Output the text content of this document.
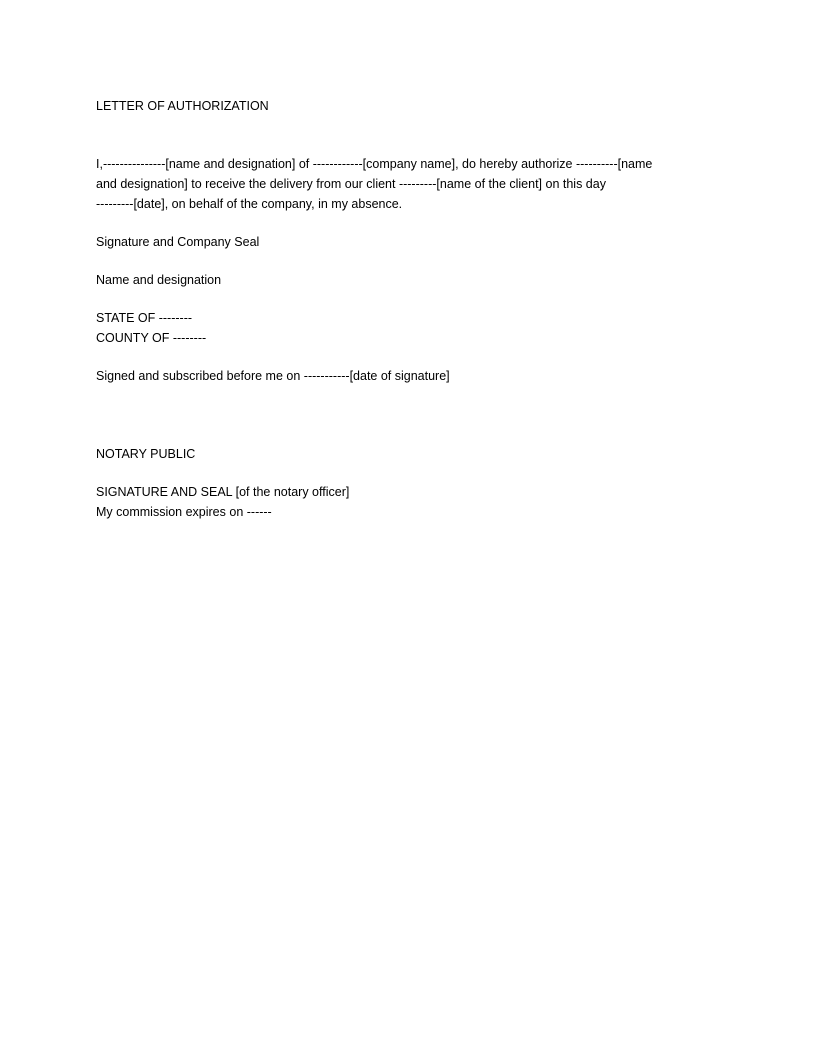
LETTER OF AUTHORIZATION

I,---------------[name and designation] of ------------[company name], do hereby authorize ----------[name

and designation] to receive the delivery from our client ---------[name of the client] on this day

---------[date], on behalf of the company, in my absence.

Signature and Company Seal

Name and designation

STATE OF --------

COUNTY OF --------

Signed and subscribed before me on -----------[date of signature]

NOTARY PUBLIC

SIGNATURE AND SEAL [of the notary officer]

My commission expires on ------
